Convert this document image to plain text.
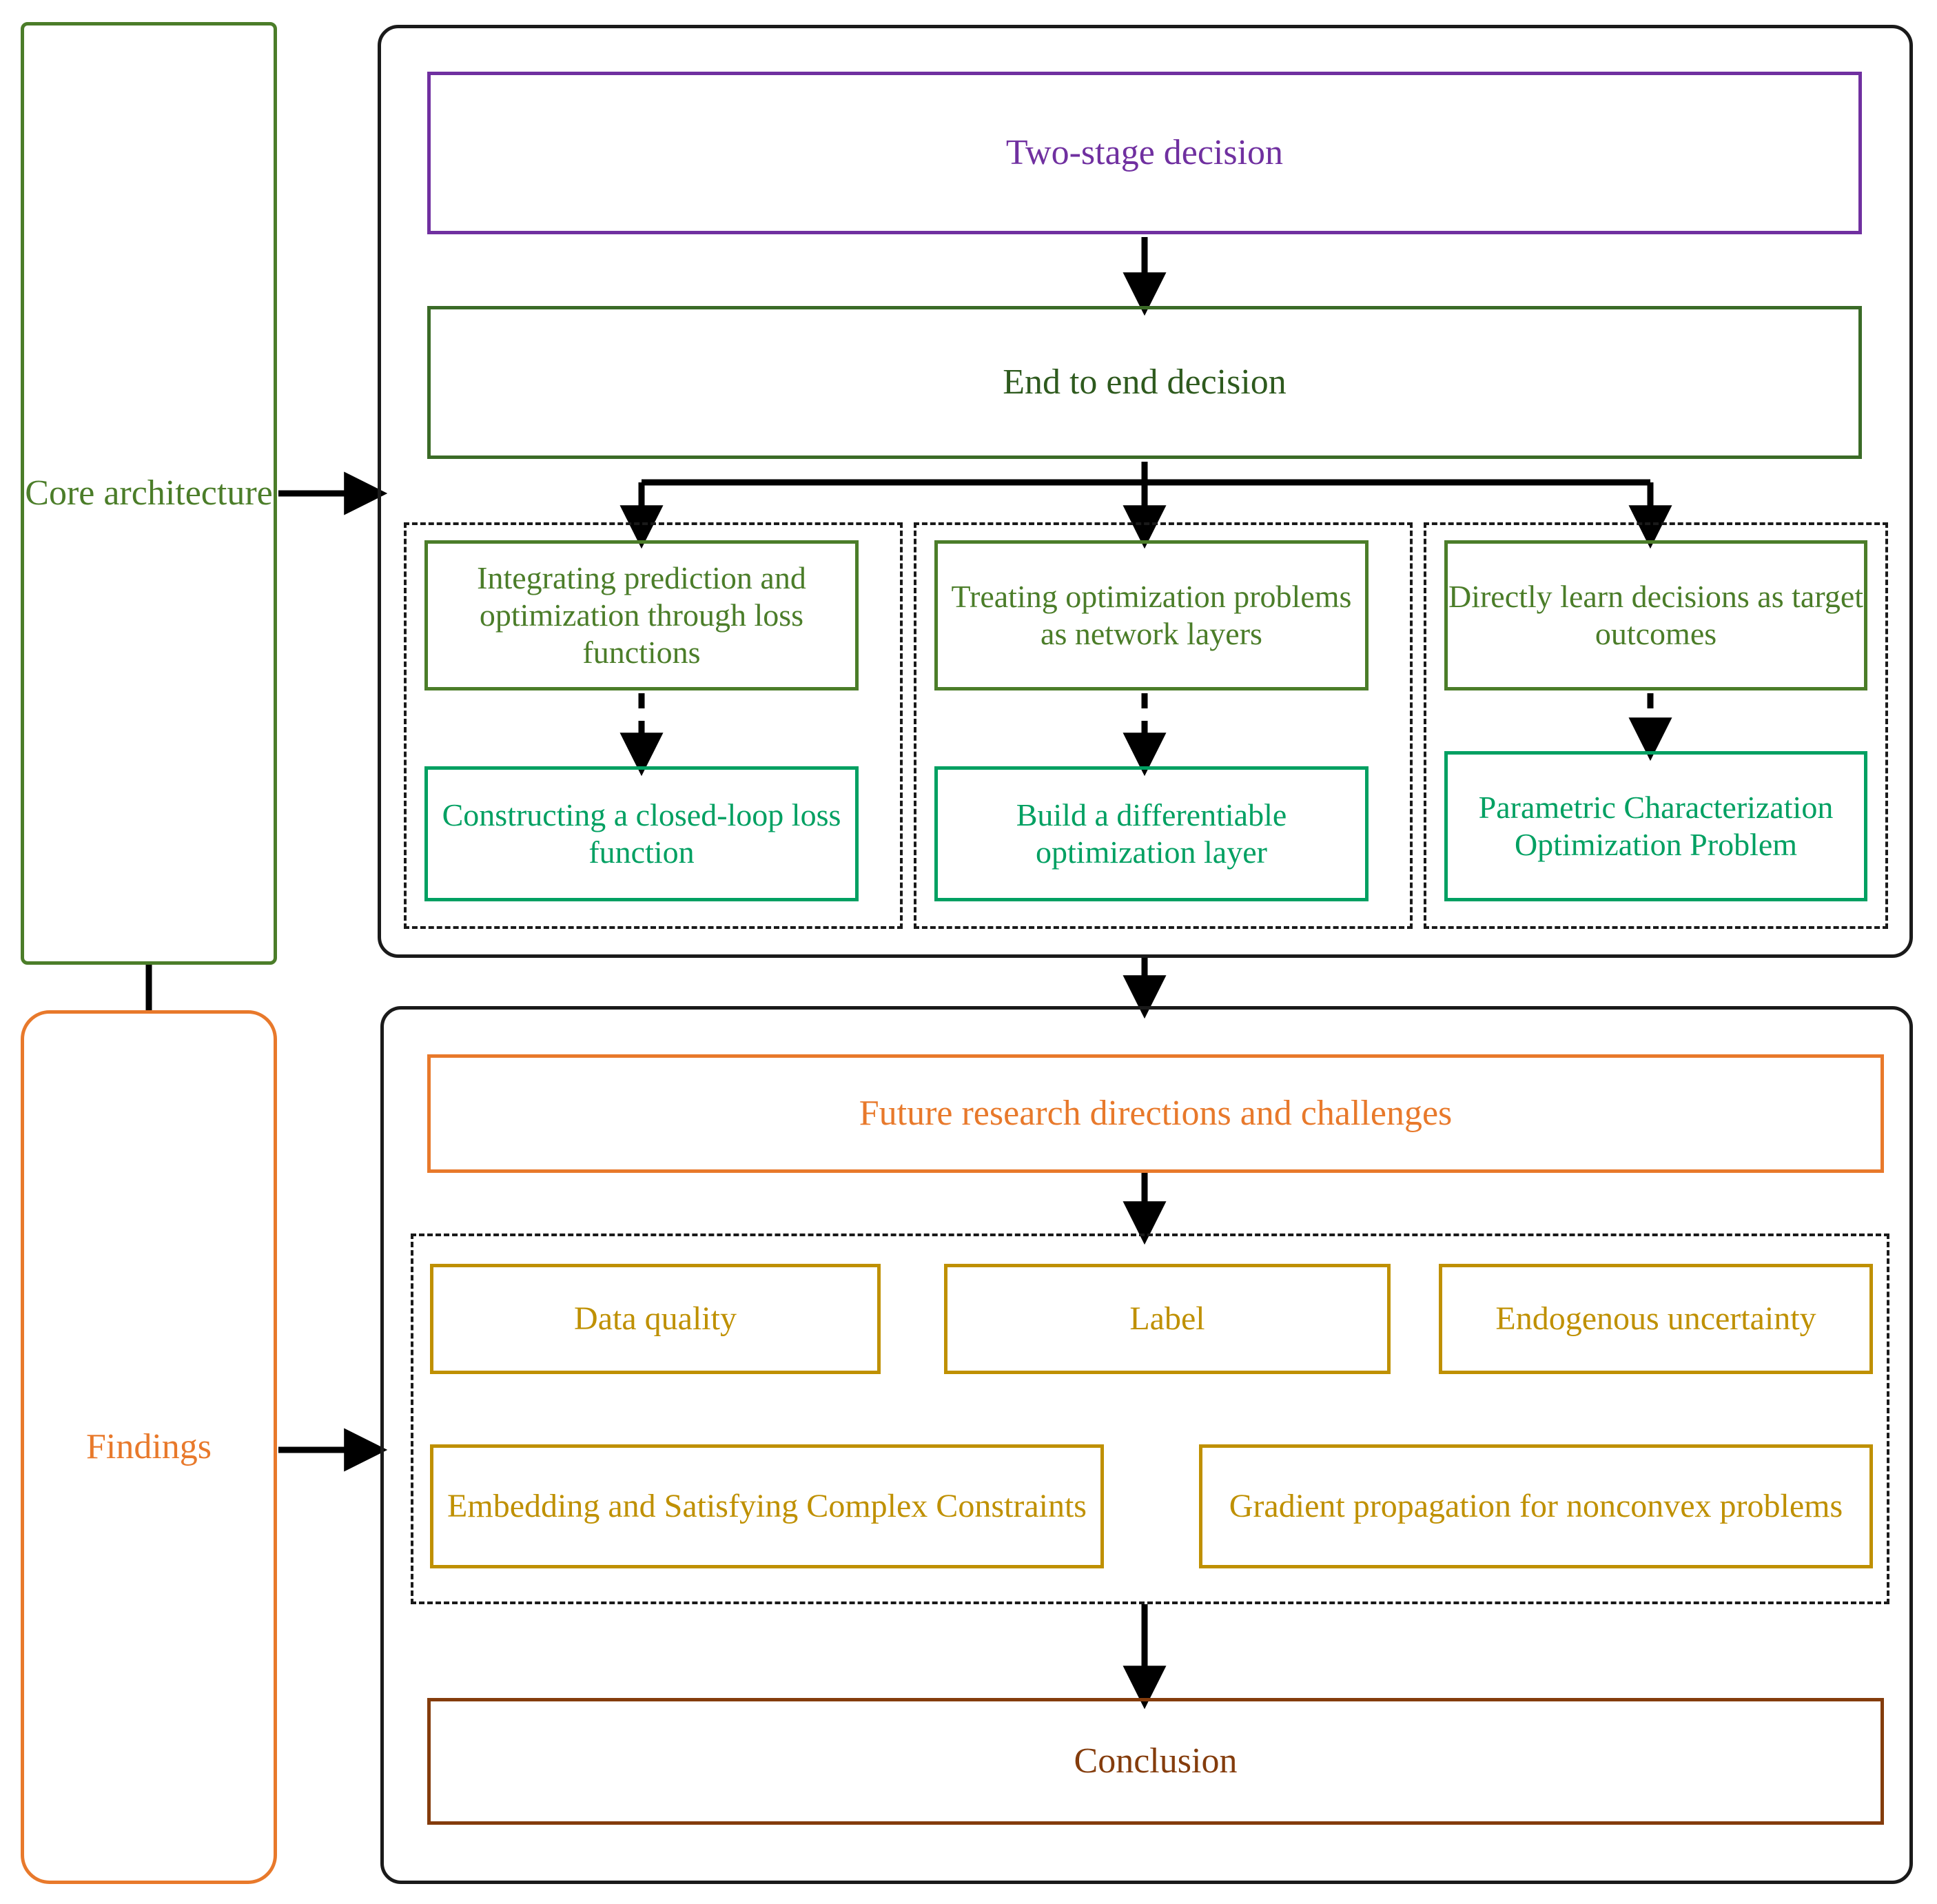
Core architecture
Findings
Two-stage decision
End to end decision
Integrating prediction and optimization through loss functions
Treating optimization problems as network layers
Directly learn decisions as target outcomes
Constructing a closed-loop loss function
Build a differentiable optimization layer
Parametric Characterization Optimization Problem
Future research directions and challenges
Data quality	Label	Endogenous uncertainty
Embedding and Satisfying Complex Constraints	Gradient propagation for nonconvex problems
Conclusion
